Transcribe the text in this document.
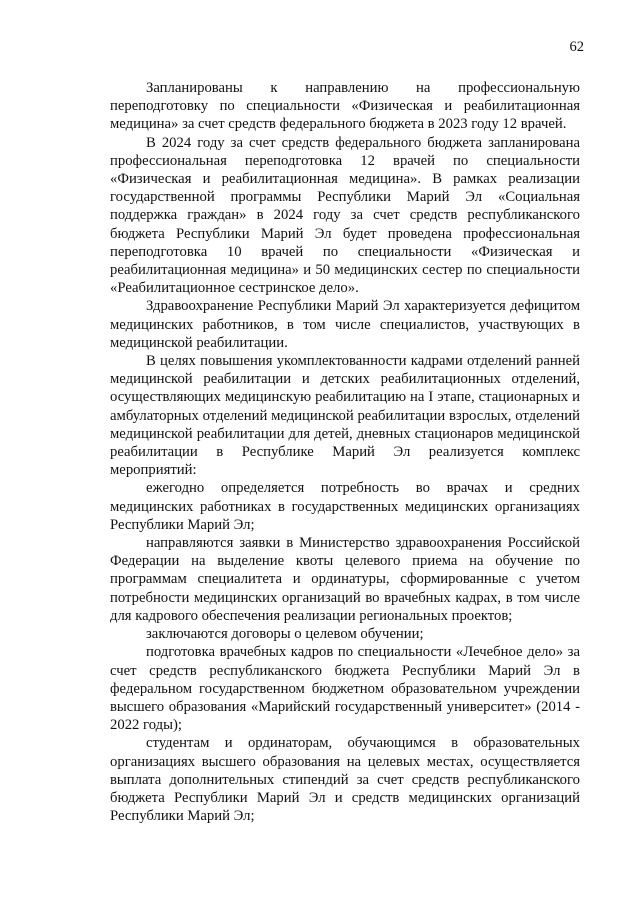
62

Запланированы к направлению на профессиональную переподготовку по специальности «Физическая и реабилитационная медицина» за счет средств федерального бюджета в 2023 году 12 врачей.

В 2024 году за счет средств федерального бюджета запланирована профессиональная переподготовка 12 врачей по специальности «Физическая и реабилитационная медицина». В рамках реализации государственной программы Республики Марий Эл «Социальная поддержка граждан» в 2024 году за счет средств республиканского бюджета Республики Марий Эл будет проведена профессиональная переподготовка 10 врачей по специальности «Физическая и реабилитационная медицина» и 50 медицинских сестер по специальности «Реабилитационное сестринское дело».

Здравоохранение Республики Марий Эл характеризуется дефицитом медицинских работников, в том числе специалистов, участвующих в медицинской реабилитации.

В целях повышения укомплектованности кадрами отделений ранней медицинской реабилитации и детских реабилитационных отделений, осуществляющих медицинскую реабилитацию на I этапе, стационарных и амбулаторных отделений медицинской реабилитации взрослых, отделений медицинской реабилитации для детей, дневных стационаров медицинской реабилитации в Республике Марий Эл реализуется комплекс мероприятий:

ежегодно определяется потребность во врачах и средних медицинских работниках в государственных медицинских организациях Республики Марий Эл;

направляются заявки в Министерство здравоохранения Российской Федерации на выделение квоты целевого приема на обучение по программам специалитета и ординатуры, сформированные с учетом потребности медицинских организаций во врачебных кадрах, в том числе для кадрового обеспечения реализации региональных проектов;

заключаются договоры о целевом обучении;

подготовка врачебных кадров по специальности «Лечебное дело» за счет средств республиканского бюджета Республики Марий Эл в федеральном государственном бюджетном образовательном учреждении высшего образования «Марийский государственный университет» (2014 - 2022 годы);

студентам и ординаторам, обучающимся в образовательных организациях высшего образования на целевых местах, осуществляется выплата дополнительных стипендий за счет средств республиканского бюджета Республики Марий Эл и средств медицинских организаций Республики Марий Эл;
